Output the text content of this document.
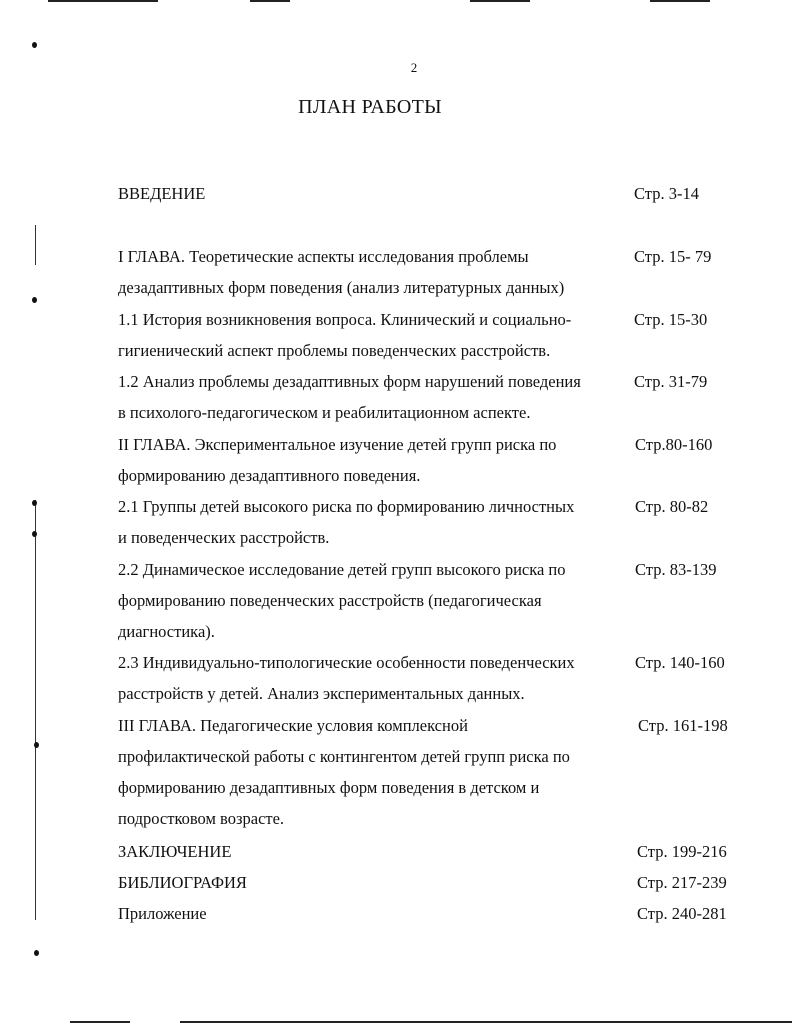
2
ПЛАН РАБОТЫ
ВВЕДЕНИЕ	Стр. 3-14
I ГЛАВА. Теоретические аспекты исследования проблемы	Стр. 15- 79
дезадаптивных форм поведения (анализ литературных данных)
1.1 История возникновения вопроса. Клинический и социально-	Стр. 15-30
гигиенический аспект проблемы поведенческих расстройств.
1.2 Анализ проблемы дезадаптивных форм нарушений поведения	Стр. 31-79
в психолого-педагогическом и реабилитационном аспекте.
II ГЛАВА. Экспериментальное изучение детей групп риска по	Стр.80-160
формированию дезадаптивного поведения.
2.1 Группы детей высокого риска по формированию личностных	Стр. 80-82
и поведенческих расстройств.
2.2 Динамическое исследование детей групп высокого риска по	Стр. 83-139
формированию поведенческих расстройств (педагогическая
диагностика).
2.3 Индивидуально-типологические особенности поведенческих	Стр. 140-160
расстройств у детей. Анализ экспериментальных данных.
III ГЛАВА. Педагогические условия комплексной	Стр. 161-198
профилактической работы с контингентом детей групп риска по
формированию дезадаптивных форм поведения в детском и
подростковом возрасте.
ЗАКЛЮЧЕНИЕ	Стр. 199-216
БИБЛИОГРАФИЯ	Стр. 217-239
Приложение	Стр. 240-281
